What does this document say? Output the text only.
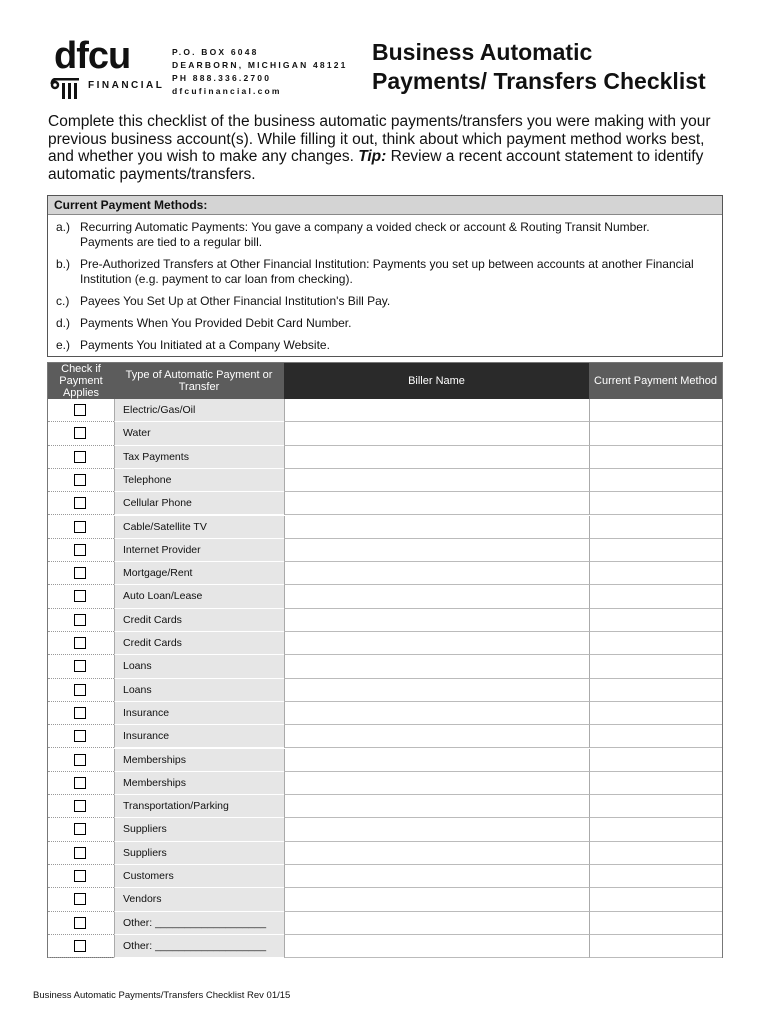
dfcu
FINANCIAL
P.O. BOX 6048
DEARBORN, MICHIGAN 48121
PH 888.336.2700
dfcufinancial.com
Business Automatic
Payments/ Transfers Checklist
Complete this checklist of the business automatic payments/transfers you were making with your previous business account(s). While filling it out, think about which payment method works best, and whether you wish to make any changes. Tip: Review a recent account statement to identify automatic payments/transfers.
Current Payment Methods:
a.) Recurring Automatic Payments: You gave a company a voided check or account & Routing Transit Number. Payments are tied to a regular bill.
b.) Pre-Authorized Transfers at Other Financial Institution: Payments you set up between accounts at another Financial Institution (e.g. payment to car loan from checking).
c.) Payees You Set Up at Other Financial Institution's Bill Pay.
d.) Payments When You Provided Debit Card Number.
e.) Payments You Initiated at a Company Website.
Check if Payment Applies
Type of Automatic Payment or Transfer	Biller Name	Current Payment Method
Electric/Gas/Oil
Water
Tax Payments
Telephone
Cellular Phone
Cable/Satellite TV
Internet Provider
Mortgage/Rent
Auto Loan/Lease
Credit Cards
Credit Cards
Loans
Loans
Insurance
Insurance
Memberships
Memberships
Transportation/Parking
Suppliers
Suppliers
Customers
Vendors
Other: ___________________
Other: ___________________
Business Automatic Payments/Transfers Checklist Rev 01/15
